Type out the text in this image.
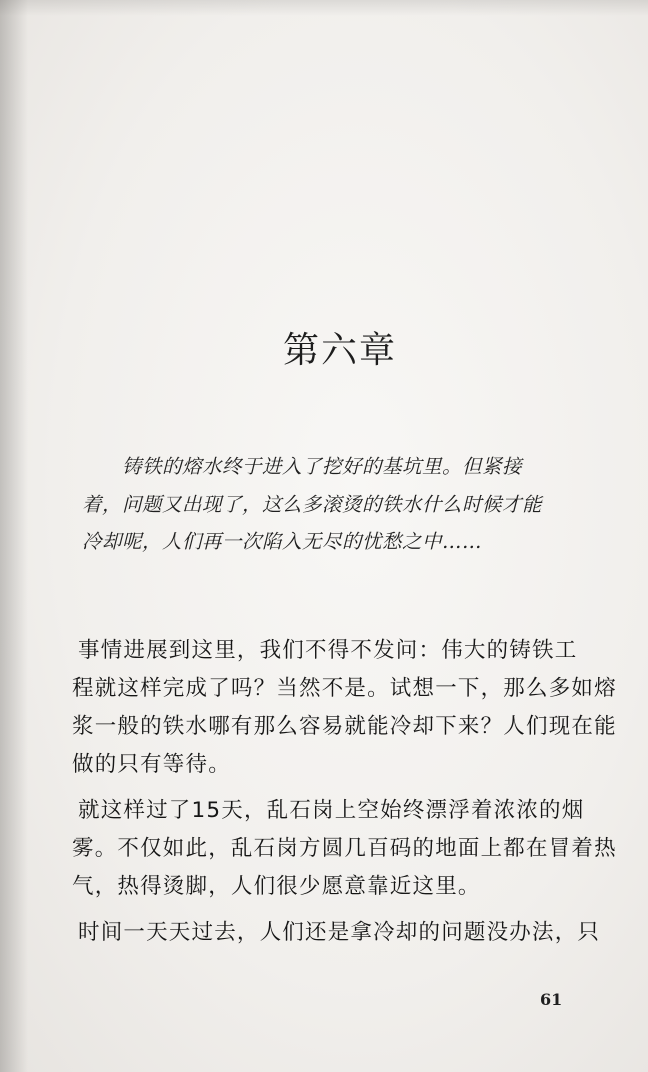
第六章
铸铁的熔水终于进入了挖好的基坑里。但紧接
着，问题又出现了，这么多滚烫的铁水什么时候才能
冷却呢，人们再一次陷入无尽的忧愁之中……
事情进展到这里，我们不得不发问：伟大的铸铁工
程就这样完成了吗？当然不是。试想一下，那么多如熔
浆一般的铁水哪有那么容易就能冷却下来？人们现在能
做的只有等待。
就这样过了15天，乱石岗上空始终漂浮着浓浓的烟
雾。不仅如此，乱石岗方圆几百码的地面上都在冒着热
气，热得烫脚，人们很少愿意靠近这里。
时间一天天过去，人们还是拿冷却的问题没办法，只
61
